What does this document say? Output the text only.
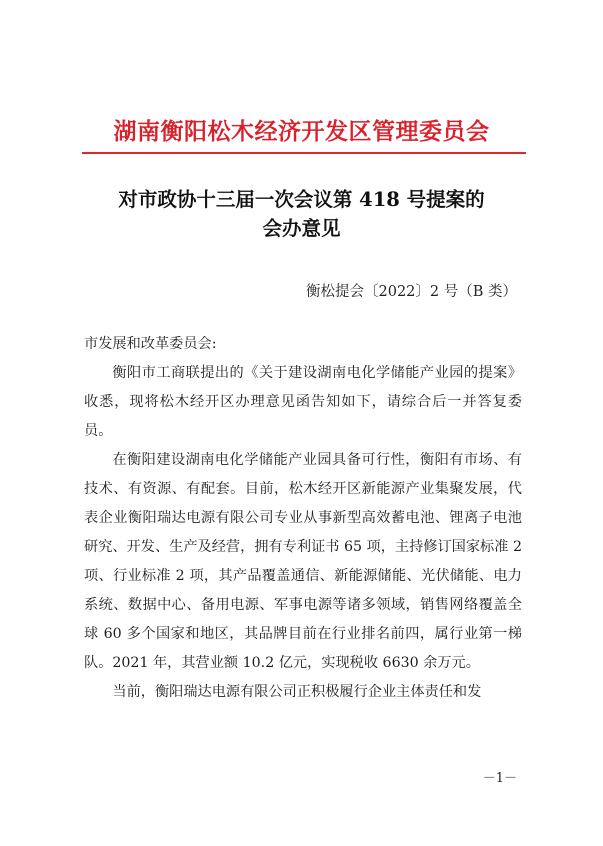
湖南衡阳松木经济开发区管理委员会
对市政协十三届一次会议第 418 号提案的
会办意见
衡松提会〔2022〕2 号（B 类）

市发展和改革委员会:

衡阳市工商联提出的《关于建设湖南电化学储能产业园的提案》收悉，现将松木经开区办理意见函告知如下，请综合后一并答复委员。

在衡阳建设湖南电化学储能产业园具备可行性，衡阳有市场、有技术、有资源、有配套。目前，松木经开区新能源产业集聚发展，代表企业衡阳瑞达电源有限公司专业从事新型高效蓄电池、锂离子电池研究、开发、生产及经营，拥有专利证书 65 项，主持修订国家标准 2 项、行业标准 2 项，其产品覆盖通信、新能源储能、光伏储能、电力系统、数据中心、备用电源、军事电源等诸多领域，销售网络覆盖全球 60 多个国家和地区，其品牌目前在行业排名前四，属行业第一梯队。2021 年，其营业额 10.2 亿元，实现税收 6630 余万元。

当前，衡阳瑞达电源有限公司正积极履行企业主体责任和发

－1－
